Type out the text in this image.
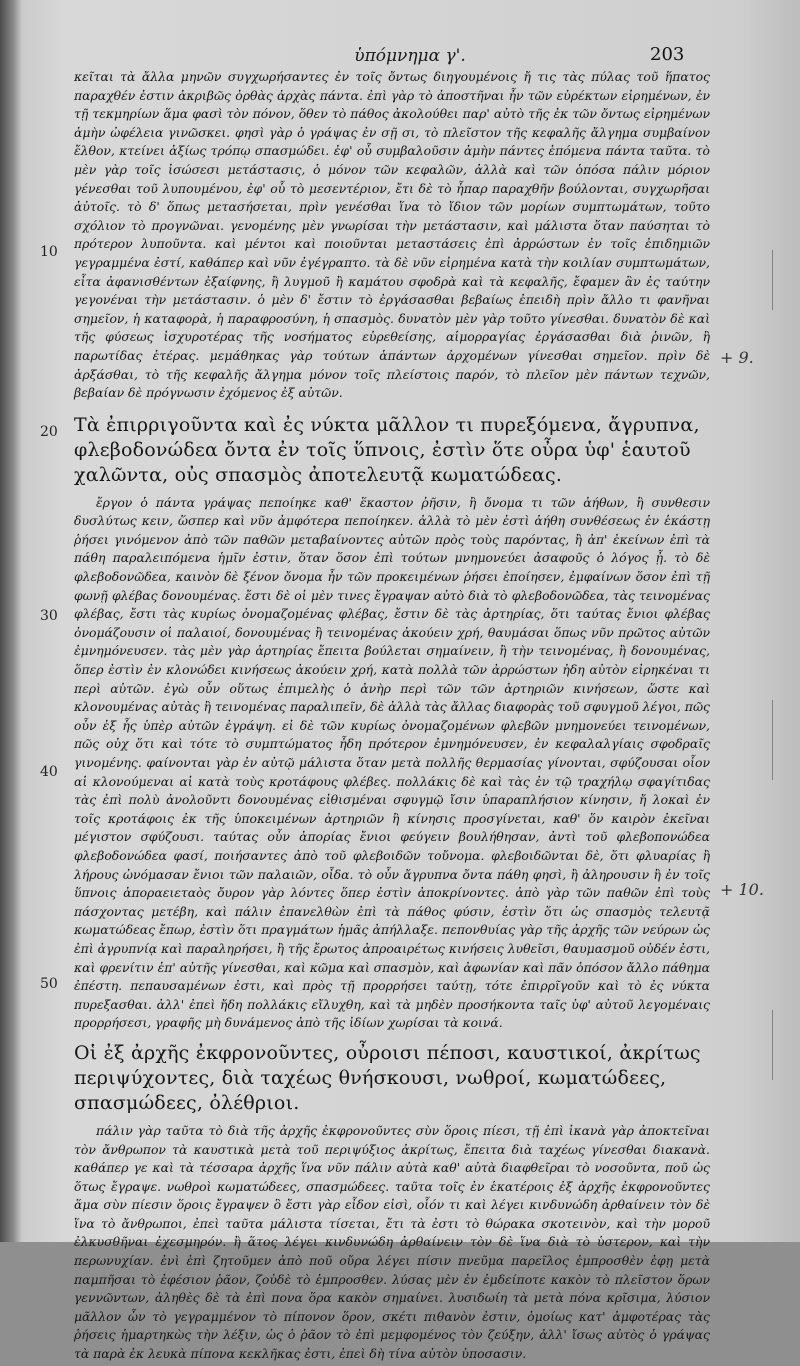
ὑπόμνημα γ'.	203
10
20
30
40
50
+ 9.
+ 10.

κεῖται τὰ ἄλλα μηνῶν συγχωρήσαντες ἐν τοῖς ὄντως διηγουμένοις ἤ τις τὰς πύλας τοῦ ἥπατος παραχθέν ἐστιν ἀκριβῶς ὀρθὰς ἀρχὰς πάντα. ἐπὶ γὰρ τὸ ἀποστῆναι ἦν τῶν εὐρέκτων εἰρημένων, ἐν τῇ τεκμηρίων ἅμα φασὶ τὸν πόνον, ὅθεν τὸ πάθος ἀκολούθει παρ' αὐτὸ τῆς ἐκ τῶν ὄντως εἰρημένων ἀμὴν ὠφέλεια γινῶσκει. φησὶ γὰρ ὁ γράψας ἐν σῇ σι, τὸ πλεῖστον τῆς κεφαλῆς ἄλγημα συμβαίνον ἔλθον, κτείνει ἀξίως τρόπῳ σπασμώδει. ἐφ' οὗ συμβαλοῦσιν ἀμὴν πάντες ἑπόμενα πάντα ταῦτα. τὸ μὲν γὰρ τοῖς ἰσώσεσι μετάστασις, ὁ μόνον τῶν κεφαλῶν, ἀλλὰ καὶ τῶν ὁπόσα πάλιν μόριον γένεσθαι τοῦ λυπουμένου, ἐφ' οὗ τὸ μεσεντέριον, ἔτι δὲ τὸ ἧπαρ παραχθῆν βούλονται, συγχωρῆσαι ἀὐτοῖς. τὸ δ' ὅπως μετασήσεται, πρὶν γενέσθαι ἵνα τὸ ἴδιον τῶν μορίων συμπτωμάτων, τοῦτο σχόλιον τὸ προγνῶναι. γενομένης μὲν γνωρίσαι τὴν μετάστασιν, καὶ μάλιστα ὅταν παύσηται τὸ πρότερον λυποῦντα. καὶ μέντοι καὶ ποιοῦνται μεταστάσεις ἐπὶ ἀρρώστων ἐν τοῖς ἐπιδημιῶν γεγραμμένα ἐστί, καθάπερ καὶ νῦν ἐγέγραπτο. τὰ δὲ νῦν εἰρημένα κατὰ τὴν κοιλίαν συμπτωμάτων, εἶτα ἀφανισθέντων ἐξαίφνης, ἢ λυγμοῦ ἢ καμάτου σφοδρὰ καὶ τὰ κεφαλῆς, ἔφαμεν ἂν ἐς ταύτην γεγονέναι τὴν μετάστασιν. ὁ μὲν δ' ἔστιν τὸ ἐργάσασθαι βεβαίως ἐπειδὴ πρὶν ἄλλο τι φανῆναι σημεῖον, ἡ καταφορὰ, ἡ παραφροσύνη, ἡ σπασμὸς. δυνατὸν μὲν γὰρ τοῦτο γίνεσθαι. δυνατὸν δὲ καὶ τῆς φύσεως ἰσχυροτέρας τῆς νοσήματος εὑρεθείσης, αἱμορραγίας ἐργάσασθαι διὰ ῥινῶν, ἢ παρωτίδας ἑτέρας. μεμάθηκας γὰρ τούτων ἁπάντων ἀρχομένων γίνεσθαι σημεῖον. πρὶν δὲ ἀρξάσθαι, τὸ τῆς κεφαλῆς ἄλγημα μόνον τοῖς πλείστοις παρόν, τὸ πλεῖον μὲν πάντων τεχνῶν, βεβαίαν δὲ πρόγνωσιν ἐχόμενος ἐξ αὐτῶν.

Τὰ ἐπιρριγοῦντα καὶ ἐς νύκτα μᾶλλον τι πυρεξόμενα, ἄγρυπνα, φλεβοδονώδεα ὄντα ἐν τοῖς ὕπνοις, ἐστὶν ὅτε οὖρα ὑφ' ἑαυτοῦ χαλῶντα, οὐς σπασμὸς ἀποτελευτᾷ κωματώδεας.

ἔργον ὁ πάντα γράψας πεποίηκε καθ' ἕκαστον ῥῆσιν, ἢ ὄνομα τι τῶν ἀήθων, ἢ συνθεσιν δυσλύτως κειν, ὥσπερ καὶ νῦν ἀμφότερα πεποίηκεν. ἀλλὰ τὸ μὲν ἐστὶ ἀήθη συνθέσεως ἐν ἑκάστῃ ῥήσει γινόμενον ἀπὸ τῶν παθῶν μεταβαίνοντες αὐτῶν πρὸς τοὺς παρόντας, ἢ ἀπ' ἐκείνων ἐπὶ τὰ πάθη παραλειπόμενα ἡμῖν ἐστιν, ὅταν ὅσον ἐπὶ τούτων μνημονεύει ἀσαφοῦς ὁ λόγος ᾖ. τὸ δὲ φλεβοδονῶδεα, καινὸν δὲ ξένον ὄνομα ἦν τῶν προκειμένων ῥήσει ἐποίησεν, ἐμφαίνων ὅσον ἐπὶ τῇ φωνῇ φλέβας δονουμένας. ἔστι δὲ οἱ μὲν τινες ἔγραψαν αὐτὸ διὰ τὸ φλεβοδονῶδεα, τὰς τεινομένας φλέβας, ἔστι τὰς κυρίως ὀνομαζομένας φλέβας, ἔστιν δὲ τὰς ἀρτηρίας, ὅτι ταύτας ἔνιοι φλέβας ὀνομάζουσιν οἱ παλαιοί, δονουμένας ἢ τεινομένας ἀκούειν χρή, θαυμάσαι ὅπως νῦν πρῶτος αὐτῶν ἐμνημόνευσεν. τὰς μὲν γὰρ ἀρτηρίας ἔπειτα βούλεται σημαίνειν, ἢ τὴν τεινομένας, ἢ δονουμένας, ὅπερ ἐστὶν ἐν κλονώδει κινήσεως ἀκούειν χρή, κατὰ πολλὰ τῶν ἀρρώστων ἠδη αὐτὸν εἰρηκέναι τι περὶ αὐτῶν. ἐγὼ οὖν οὕτως ἐπιμελὴς ὁ ἀνὴρ περὶ τῶν τῶν ἀρτηριῶν κινήσεων, ὥστε καὶ κλονουμένας αὐτὰς ἢ τεινομένας παραλιπεῖν, δὲ ἀλλὰ τὰς ἄλλας διαφορὰς τοῦ σφυγμοῦ λέγοι, πῶς οὖν ἐξ ἧς ὑπὲρ αὐτῶν ἐγράψη. εἰ δὲ τῶν κυρίως ὀνομαζομένων φλεβῶν μνημονεύει τεινομένων, πῶς οὐχ ὅτι καὶ τότε τὸ συμπτώματος ἦδη πρότερον ἐμνημόνευσεν, ἐν κεφαλαλγίαις σφοδραῖς γινομένης. φαίνονται γὰρ ἐν αὐτῷ μάλιστα ὅταν μετὰ πολλῆς θερμασίας γίνονται, σφύζουσαι οἷον αἱ κλονούμεναι αἱ κατὰ τοὺς κροτάφους φλέβες. πολλάκις δὲ καὶ τὰς ἐν τῷ τραχήλῳ σφαγίτιδας τὰς ἐπὶ πολὺ ἀνολοῦντι δονουμένας εἰθισμέναι σφυγμῷ ἴσιν ὑπαραπλήσιον κίνησιν, ἤ λοκαὶ ἐν τοῖς κροτάφοις ἐκ τῆς ὑποκειμένων ἀρτηριῶν ἢ κίνησις προσγίνεται, καθ' ὅν καιρὸν ἐκεῖναι μέγιστον σφύζουσι. ταύτας οὖν ἀπορίας ἔνιοι φεύγειν βουλήθησαν, ἀντὶ τοῦ φλεβοπονώδεα φλεβοδονώδεα φασί, ποιήσαντες ἀπὸ τοῦ φλεβοιδῶν τοὔνομα. φλεβοιδῶνται δὲ, ὅτι φλυαρίας ἢ λήρους ὠνόμασαν ἔνιοι τῶν παλαιῶν, οἶδα. τὸ οὖν ἄγρυπνα ὄντα πάθη φησὶ, ἢ ἀληρουσιν ἢ ἐν τοῖς ὕπνοις ἀποραειεταὸς ὄυρον γὰρ λόντες ὅπερ ἐστὶν ἀποκρίνοντες. ἀπὸ γὰρ τῶν παθῶν ἐπὶ τοὺς πάσχοντας μετέβη, καὶ πάλιν ἐπανελθὼν ἐπὶ τὰ πάθος φύσιν, ἐστὶν ὅτι ὡς σπασμὸς τελευτᾷ κωματώδεας ἔπωρ, ἐστὶν ὅτι πραγμάτων ἡμᾶς ἀπήλλαξε. πεπονθυίας γὰρ τῆς ἀρχῆς τῶν νεύρων ὡς ἐπὶ ἀγρυπνίᾳ καὶ παραληρήσει, ἢ τῆς ἔρωτος ἀπροαιρέτως κινήσεις λυθεῖσι, θαυμασμοῦ οὐδέν ἐστι, καὶ φρενίτιν ἐπ' αὐτῆς γίνεσθαι, καὶ κῶμα καὶ σπασμὸν, καὶ ἀφωνίαν καὶ πᾶν ὁπόσον ἄλλο πάθημα ἐπέστη. πεπαυσαμένων ἐστι, καὶ πρὸς τῇ προρρήσει ταύτῃ, τότε ἐπιρρῖγοῦν καὶ τὸ ἐς νύκτα πυρεξασθαι. ἀλλ' ἐπεὶ ἤδη πολλάκις εἴλυχθη, καὶ τὰ μηδὲν προσήκοντα ταῖς ὑφ' αὐτοῦ λεγομέναις προρρήσεσι, γραφῆς μὴ δυνάμενος ἀπὸ τῆς ἰδίων χωρίσαι τὰ κοινά.

Οἱ ἐξ ἀρχῆς ἐκφρονοῦντες, οὖροισι πέποσι, καυστικοί, ἀκρίτως περιψύχοντες, διὰ ταχέως θνήσκουσι, νωθροί, κωματώδεες, σπασμώδεες, ὀλέθριοι.

πάλιν γὰρ ταῦτα τὸ διὰ τῆς ἀρχῆς ἐκφρονοῦντες σὺν ὅροις πίεσι, τῇ ἐπὶ ἱκανὰ γὰρ ἀποκτεῖναι τὸν ἄνθρωπον τὰ καυστικὰ μετὰ τοῦ περιψύξιος ἀκρίτως, ἔπειτα διὰ ταχέως γίνεσθαι διακανὰ. καθάπερ γε καὶ τὰ τέσσαρα ἀρχῆς ἵνα νῦν πάλιν αὐτὰ καθ' αὐτὰ διαφθεῖραι τὸ νοσοῦντα, ποῦ ὡς ὅτως ἔγραψε. νωθροὶ κωματώδεες, σπασμώδεες. ταῦτα τοῖς ἐν ἑκατέροις ἐξ ἀρχῆς ἐκφρονοῦντες ἅμα σὺν πίεσιν ὅροις ἔγραψεν ὃ ἔστι γὰρ εἶδον εἰσὶ, οἷόν τι καὶ λέγει κινδυνώδη ἀρθαίνειν τὸν δὲ ἵνα τὸ ἄνθρωποι, ἐπεὶ ταῦτα μάλιστα τίσεται, ἔτι τὰ ἐστι τὸ θώρακα σκοτεινὸν, καὶ τὴν μοροῦ ἐλκυσθῆναι ἐχεσμηρόν. ἢ ἅτος λέγει κινδυνώδη ἀρθαίνειν τὸν δὲ ἵνα διὰ τὸ ὑστερον, καὶ τὴν περωνυχίαν. ἐνὶ ἐπὶ ζητοῦμεν ἀπὸ ποῦ οὔρα λέγει πίσιν πνεῦμα παρεῖλος ἐμπροσθὲν ἐφῃ μετὰ παμπῆσαι τὸ ἐφέσιον ῥᾶον, ζοὐδὲ τὸ ἐμπροσθεν. λύσας μὲν ἐν ἐμδείποτε κακὸν τὸ πλεῖστον ὅρων γεννῶντων, ἀληθὲς δὲ τὰ ἐπὶ πονα ὅρα κακὸν σημαίνει. λυσιδωίη τὰ μετὰ πόνα κρῖσιμα, λύσιον μᾶλλον ὦν τὸ γεγραμμένον τὸ πίπονον ὅρον, σκέτι πιθανὸν ἐστιν, ὁμοίως κατ' ἀμφοτέρας τὰς ῥήσεις ἡμαρτηκὼς τὴν λέξιν, ὡς ὁ ῥᾶον τὸ ἐπὶ μεμφομένος τὸν ζεύξην, ἀλλ' ἴσως αὐτὸς ὁ γράψας τὰ παρὰ ἐκ λευκὰ πίπονα κεκλῆκας ἐστι, ἐπεὶ δὴ τίνα αὐτὸν ὑποσασιν.
